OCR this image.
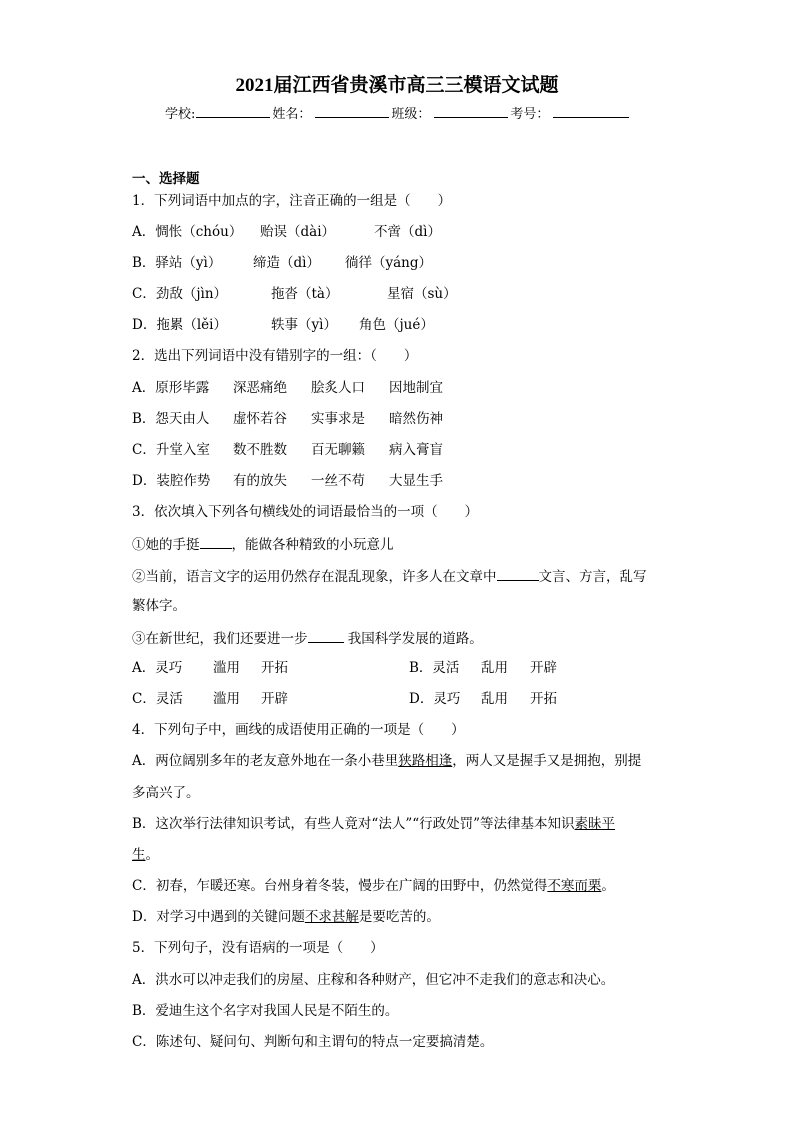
2021届江西省贵溪市高三三模语文试题
学校:	姓名：	班级：	考号：
一、选择题
1．下列词语中加点的字，注音正确的一组是（　　）
A．惆怅（chóu） 贻误（dài）	不啻（dì）
B．驿站（yì） 缔造（dì） 徜徉（yáng）
C．劲敌（jìn）	拖沓（tà）	星宿（sù）
D．拖累（lěi）	轶事（yì） 角色（jué）
2．选出下列词语中没有错别字的一组：（　　）
A．原形毕露 深恶痛绝 脍炙人口 因地制宜
B．怨天由人 虚怀若谷 实事求是 暗然伤神
C．升堂入室 数不胜数 百无聊籁 病入膏盲
D．装腔作势 有的放失 一丝不苟 大显生手
3．依次填入下列各句横线处的词语最恰当的一项（　　）
①她的手挺 ，能做各种精致的小玩意儿
②当前，语言文字的运用仍然存在混乱现象，许多人在文章中	文言、方言，乱写
繁体字。
③在新世纪，我们还要进一步	我国科学发展的道路。
A．灵巧 滥用 开拓	B．灵活 乱用 开辟
C．灵活 滥用 开辟	D．灵巧 乱用 开拓
4．下列句子中，画线的成语使用正确的一项是（　　）
A．两位阔别多年的老友意外地在一条小巷里狭路相逢，两人又是握手又是拥抱，别提
多高兴了。
B．这次举行法律知识考试，有些人竟对“法人”“行政处罚”等法律基本知识素昧平
生。
C．初春，乍暖还寒。台州身着冬装，慢步在广阔的田野中，仍然觉得不寒而栗。
D．对学习中遇到的关键问题不求甚解是要吃苦的。
5．下列句子，没有语病的一项是（　　）
A．洪水可以冲走我们的房屋、庄稼和各种财产，但它冲不走我们的意志和决心。
B．爱迪生这个名字对我国人民是不陌生的。
C．陈述句、疑问句、判断句和主谓句的特点一定要搞清楚。
